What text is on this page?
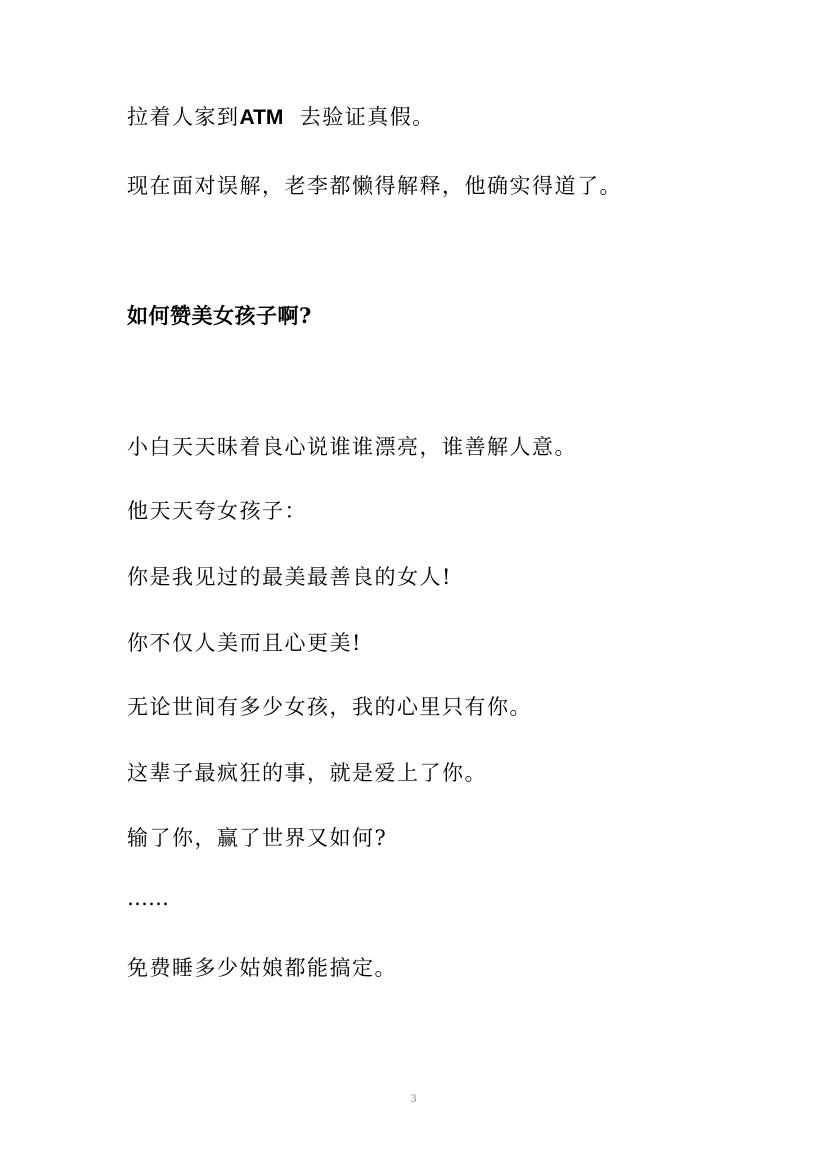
拉着人家到ATM  去验证真假。
现在面对误解，老李都懒得解释，他确实得道了。
如何赞美女孩子啊?
小白天天昧着良心说谁谁漂亮，谁善解人意。
他天天夸女孩子：
你是我见过的最美最善良的女人!
你不仅人美而且心更美!
无论世间有多少女孩，我的心里只有你。
这辈子最疯狂的事，就是爱上了你。
输了你，赢了世界又如何?
……
免费睡多少姑娘都能搞定。
3
